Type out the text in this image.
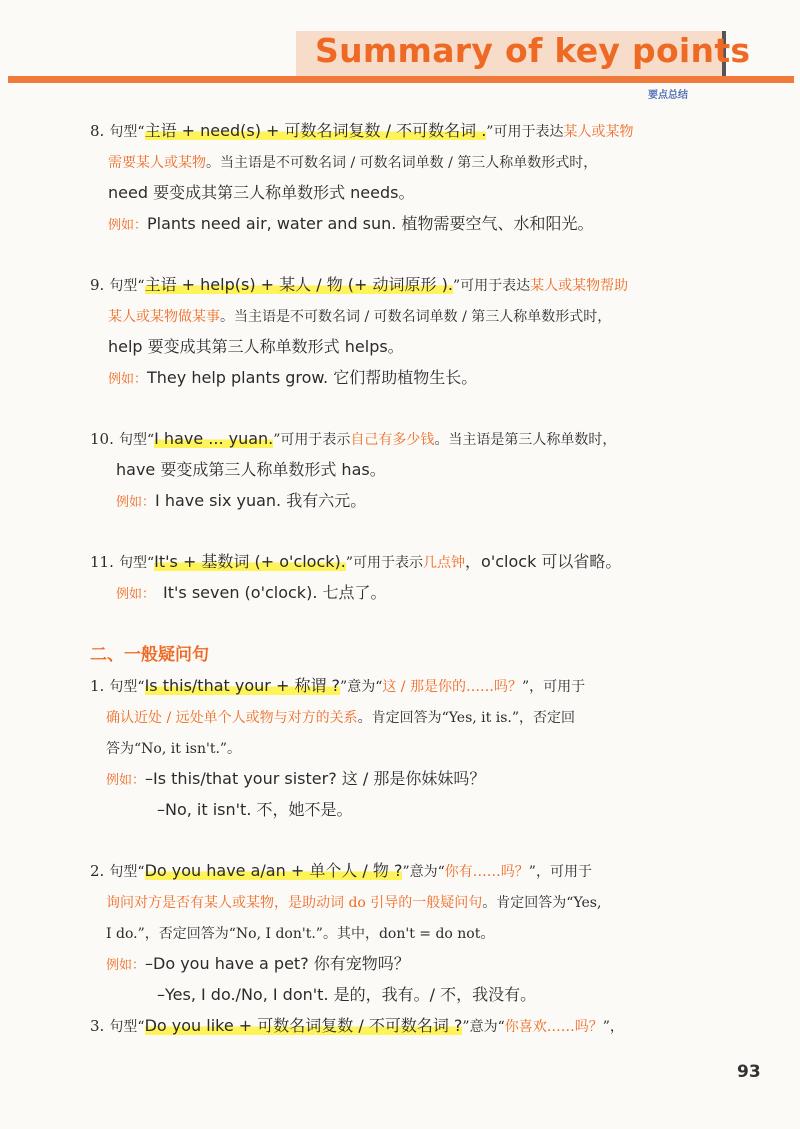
Summary of key points
要点总结
8. 句型“主语 + need(s) + 可数名词复数 / 不可数名词 .”可用于表达某人或某物
需要某人或某物。当主语是不可数名词 / 可数名词单数 / 第三人称单数形式时，
need 要变成其第三人称单数形式 needs。
例如：Plants need air, water and sun. 植物需要空气、水和阳光。
9. 句型“主语 + help(s) + 某人 / 物 (+ 动词原形 ).”可用于表达某人或某物帮助
某人或某物做某事。当主语是不可数名词 / 可数名词单数 / 第三人称单数形式时，
help 要变成其第三人称单数形式 helps。
例如：They help plants grow. 它们帮助植物生长。
10. 句型“I have ... yuan.”可用于表示自己有多少钱。当主语是第三人称单数时，
have 要变成第三人称单数形式 has。
例如：I have six yuan. 我有六元。
11. 句型“It's + 基数词 (+ o'clock).”可用于表示几点钟，o'clock 可以省略。
例如： It's seven (o'clock). 七点了。
二、一般疑问句
1. 句型“Is this/that your + 称谓 ?”意为“这 / 那是你的……吗？”，可用于
确认近处 / 远处单个人或物与对方的关系。肯定回答为“Yes, it is.”，否定回
答为“No, it isn't.”。
例如：–Is this/that your sister? 这 / 那是你妹妹吗？
–No, it isn't. 不，她不是。
2. 句型“Do you have a/an + 单个人 / 物 ?”意为“你有……吗？”，可用于
询问对方是否有某人或某物，是助动词 do 引导的一般疑问句。肯定回答为“Yes,
I do.”，否定回答为“No, I don't.”。其中，don't = do not。
例如：–Do you have a pet? 你有宠物吗？
–Yes, I do./No, I don't. 是的，我有。/ 不，我没有。
3. 句型“Do you like + 可数名词复数 / 不可数名词 ?”意为“你喜欢……吗？”，
93
